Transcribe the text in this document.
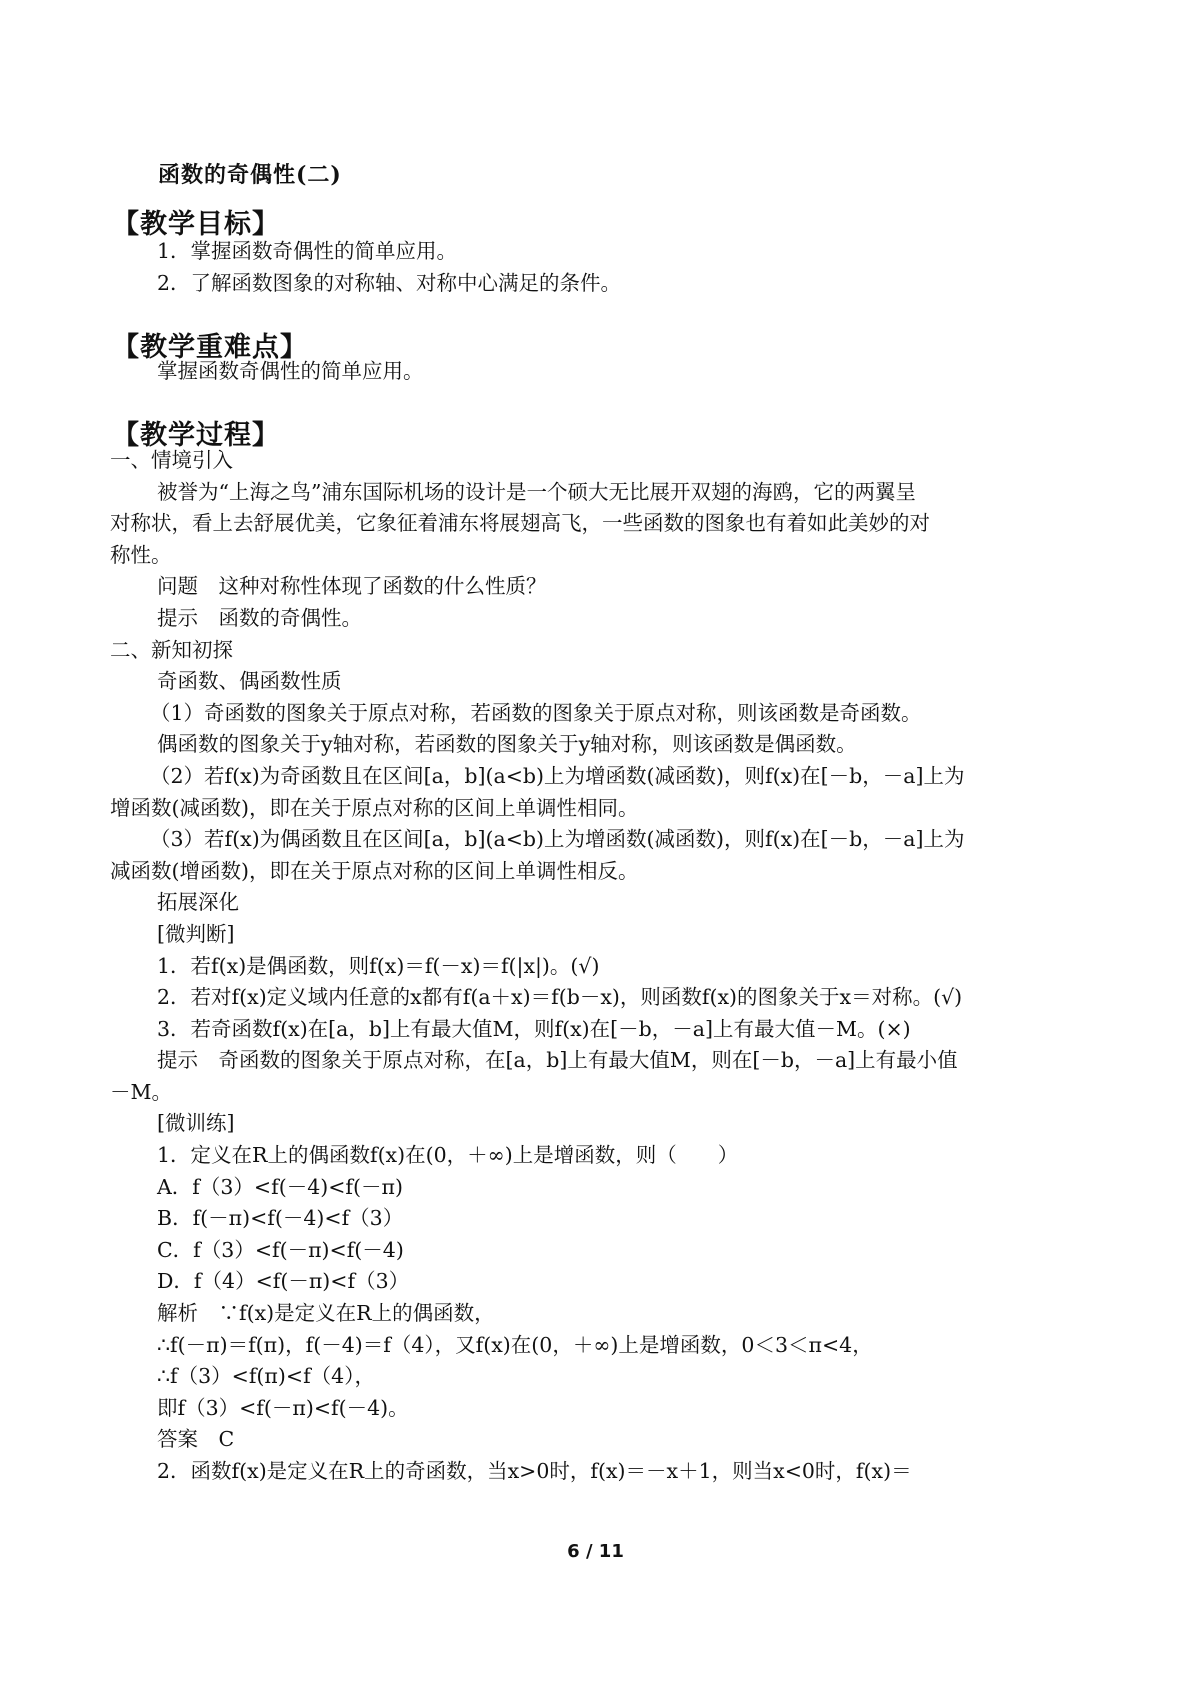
函数的奇偶性(二)
【教学目标】
1．掌握函数奇偶性的简单应用。
2．了解函数图象的对称轴、对称中心满足的条件。
【教学重难点】
掌握函数奇偶性的简单应用。
【教学过程】
一、情境引入
被誉为“上海之鸟”浦东国际机场的设计是一个硕大无比展开双翅的海鸥，它的两翼呈
对称状，看上去舒展优美，它象征着浦东将展翅高飞，一些函数的图象也有着如此美妙的对
称性。
问题　这种对称性体现了函数的什么性质？
提示　函数的奇偶性。
二、新知初探
奇函数、偶函数性质
（1）奇函数的图象关于原点对称，若函数的图象关于原点对称，则该函数是奇函数。
偶函数的图象关于y轴对称，若函数的图象关于y轴对称，则该函数是偶函数。
（2）若f(x)为奇函数且在区间[a，b](a<b)上为增函数(减函数)，则f(x)在[－b，－a]上为
增函数(减函数)，即在关于原点对称的区间上单调性相同。
（3）若f(x)为偶函数且在区间[a，b](a<b)上为增函数(减函数)，则f(x)在[－b，－a]上为
减函数(增函数)，即在关于原点对称的区间上单调性相反。
拓展深化
[微判断]
1．若f(x)是偶函数，则f(x)＝f(－x)＝f(|x|)。(√)
2．若对f(x)定义域内任意的x都有f(a＋x)＝f(b－x)，则函数f(x)的图象关于x＝对称。(√)
3．若奇函数f(x)在[a，b]上有最大值M，则f(x)在[－b，－a]上有最大值－M。(×)
提示　奇函数的图象关于原点对称，在[a，b]上有最大值M，则在[－b，－a]上有最小值
－M。
[微训练]
1．定义在R上的偶函数f(x)在(0，＋∞)上是增函数，则（　　）
A．f（3）<f(－4)<f(－π)
B．f(－π)<f(－4)<f（3）
C．f（3）<f(－π)<f(－4)
D．f（4）<f(－π)<f（3）
解析　∵f(x)是定义在R上的偶函数，
∴f(－π)＝f(π)，f(－4)＝f（4），又f(x)在(0，＋∞)上是增函数，0＜3＜π<4，
∴f（3）<f(π)<f（4），
即f（3）<f(－π)<f(－4)。
答案　C
2．函数f(x)是定义在R上的奇函数，当x>0时，f(x)＝－x＋1，则当x<0时，f(x)＝
6 / 11
